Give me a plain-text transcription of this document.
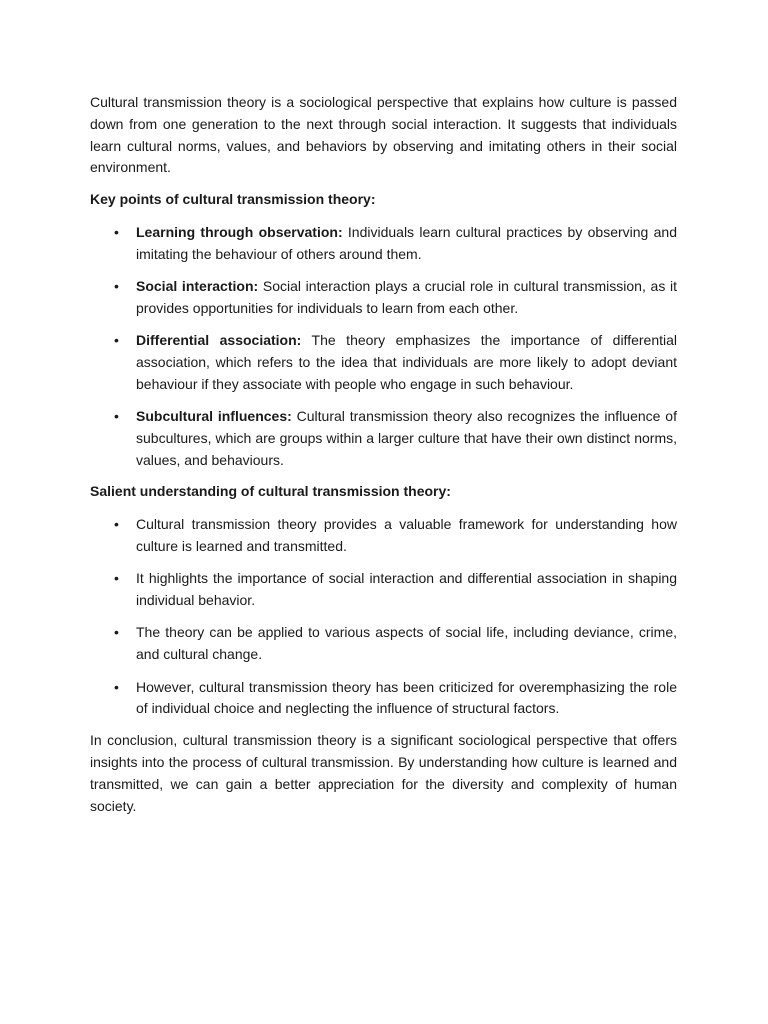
Cultural transmission theory is a sociological perspective that explains how culture is passed down from one generation to the next through social interaction. It suggests that individuals learn cultural norms, values, and behaviors by observing and imitating others in their social environment.

Key points of cultural transmission theory:

• Learning through observation: Individuals learn cultural practices by observing and imitating the behaviour of others around them.
• Social interaction: Social interaction plays a crucial role in cultural transmission, as it provides opportunities for individuals to learn from each other.
• Differential association: The theory emphasizes the importance of differential association, which refers to the idea that individuals are more likely to adopt deviant behaviour if they associate with people who engage in such behaviour.
• Subcultural influences: Cultural transmission theory also recognizes the influence of subcultures, which are groups within a larger culture that have their own distinct norms, values, and behaviours.

Salient understanding of cultural transmission theory:

• Cultural transmission theory provides a valuable framework for understanding how culture is learned and transmitted.
• It highlights the importance of social interaction and differential association in shaping individual behavior.
• The theory can be applied to various aspects of social life, including deviance, crime, and cultural change.
• However, cultural transmission theory has been criticized for overemphasizing the role of individual choice and neglecting the influence of structural factors.

In conclusion, cultural transmission theory is a significant sociological perspective that offers insights into the process of cultural transmission. By understanding how culture is learned and transmitted, we can gain a better appreciation for the diversity and complexity of human society.
